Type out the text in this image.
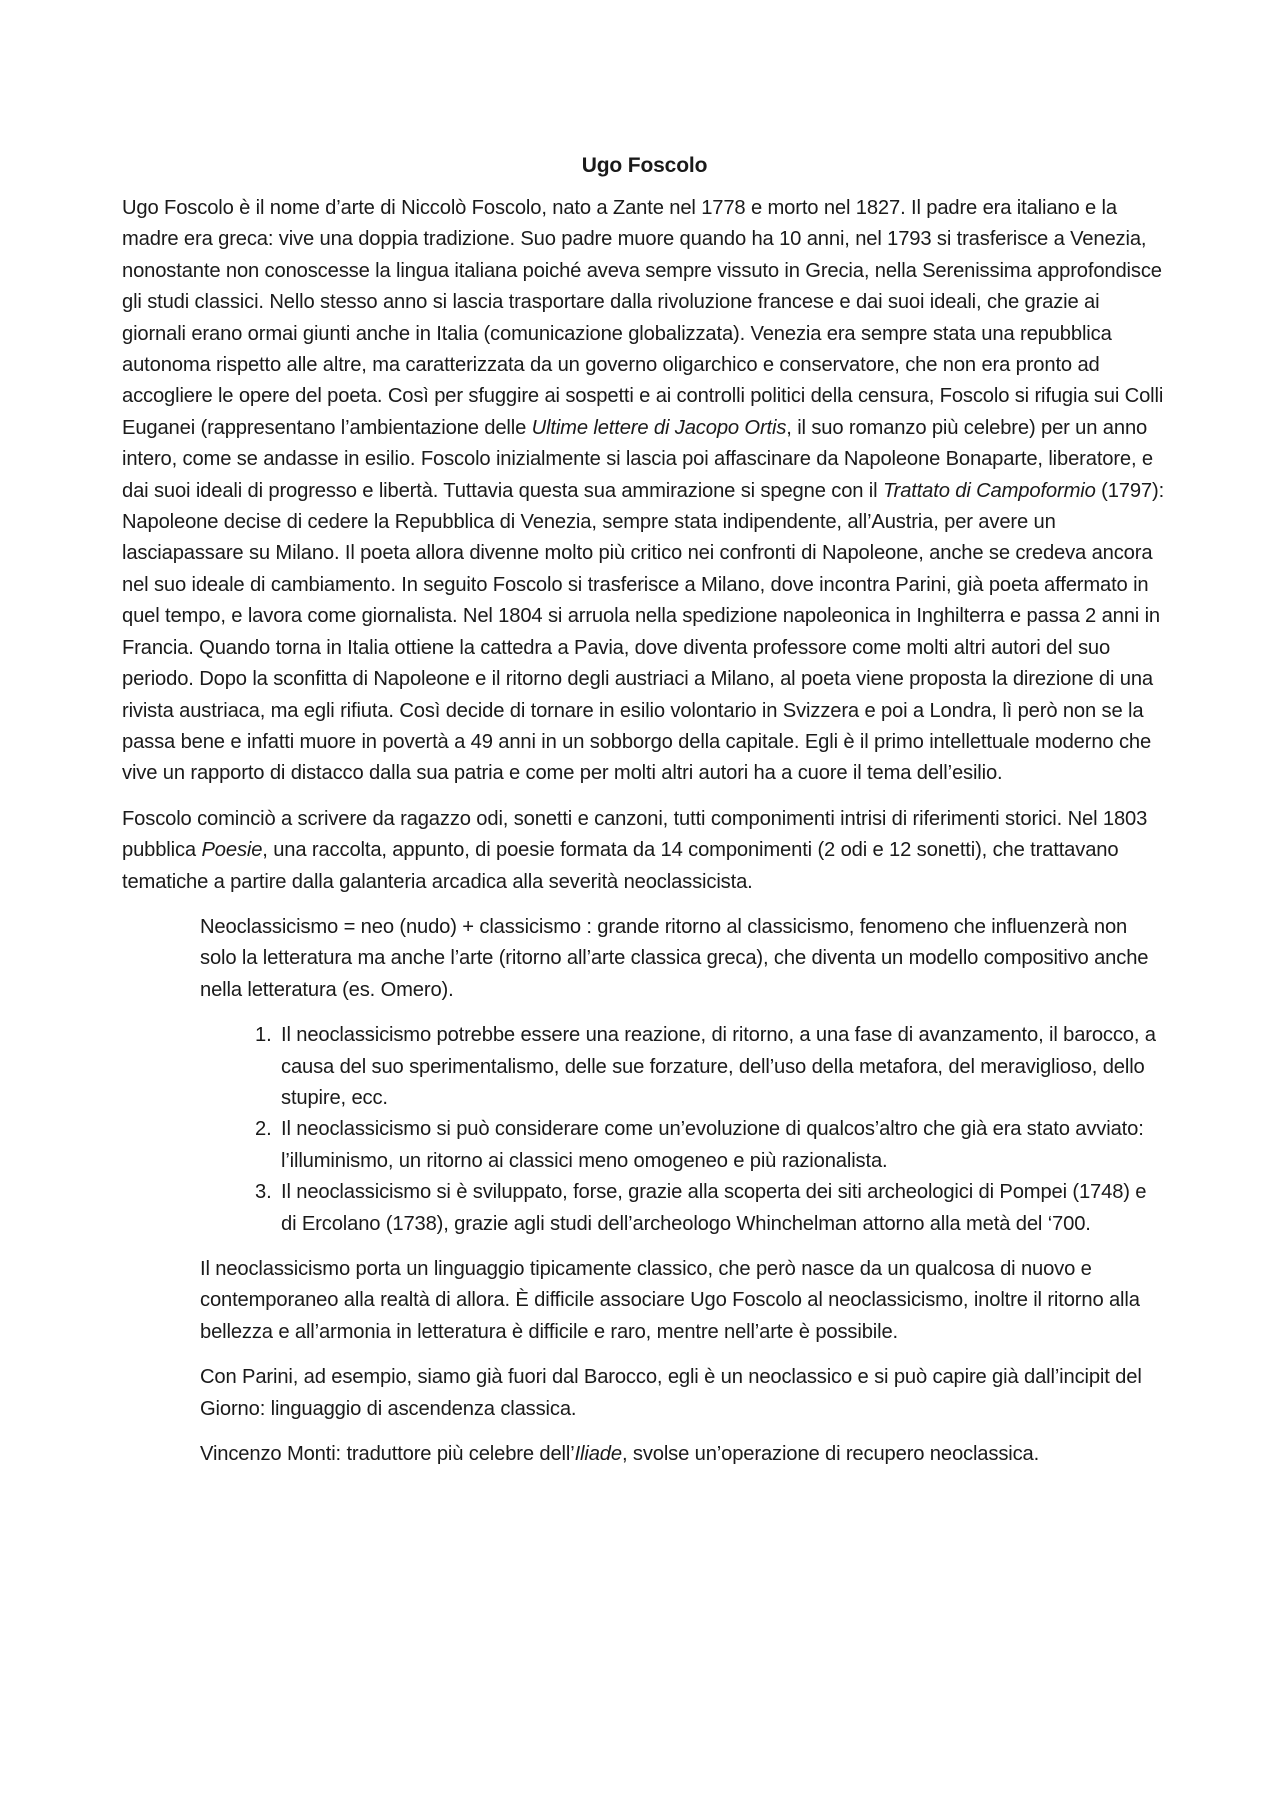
Ugo Foscolo

Ugo Foscolo è il nome d’arte di Niccolò Foscolo, nato a Zante nel 1778 e morto nel 1827. Il padre era italiano e la madre era greca: vive una doppia tradizione. Suo padre muore quando ha 10 anni, nel 1793 si trasferisce a Venezia, nonostante non conoscesse la lingua italiana poiché aveva sempre vissuto in Grecia, nella Serenissima approfondisce gli studi classici. Nello stesso anno si lascia trasportare dalla rivoluzione francese e dai suoi ideali, che grazie ai giornali erano ormai giunti anche in Italia (comunicazione globalizzata). Venezia era sempre stata una repubblica autonoma rispetto alle altre, ma caratterizzata da un governo oligarchico e conservatore, che non era pronto ad accogliere le opere del poeta. Così per sfuggire ai sospetti e ai controlli politici della censura, Foscolo si rifugia sui Colli Euganei (rappresentano l’ambientazione delle Ultime lettere di Jacopo Ortis, il suo romanzo più celebre) per un anno intero, come se andasse in esilio. Foscolo inizialmente si lascia poi affascinare da Napoleone Bonaparte, liberatore, e dai suoi ideali di progresso e libertà. Tuttavia questa sua ammirazione si spegne con il Trattato di Campoformio (1797): Napoleone decise di cedere la Repubblica di Venezia, sempre stata indipendente, all’Austria, per avere un lasciapassare su Milano. Il poeta allora divenne molto più critico nei confronti di Napoleone, anche se credeva ancora nel suo ideale di cambiamento. In seguito Foscolo si trasferisce a Milano, dove incontra Parini, già poeta affermato in quel tempo, e lavora come giornalista. Nel 1804 si arruola nella spedizione napoleonica in Inghilterra e passa 2 anni in Francia. Quando torna in Italia ottiene la cattedra a Pavia, dove diventa professore come molti altri autori del suo periodo. Dopo la sconfitta di Napoleone e il ritorno degli austriaci a Milano, al poeta viene proposta la direzione di una rivista austriaca, ma egli rifiuta. Così decide di tornare in esilio volontario in Svizzera e poi a Londra, lì però non se la passa bene e infatti muore in povertà a 49 anni in un sobborgo della capitale. Egli è il primo intellettuale moderno che vive un rapporto di distacco dalla sua patria e come per molti altri autori ha a cuore il tema dell’esilio.

Foscolo cominciò a scrivere da ragazzo odi, sonetti e canzoni, tutti componimenti intrisi di riferimenti storici. Nel 1803 pubblica Poesie, una raccolta, appunto, di poesie formata da 14 componimenti (2 odi e 12 sonetti), che trattavano tematiche a partire dalla galanteria arcadica alla severità neoclassicista.

Neoclassicismo = neo (nudo) + classicismo : grande ritorno al classicismo, fenomeno che influenzerà non solo la letteratura ma anche l’arte (ritorno all’arte classica greca), che diventa un modello compositivo anche nella letteratura (es. Omero).

1. Il neoclassicismo potrebbe essere una reazione, di ritorno, a una fase di avanzamento, il barocco, a causa del suo sperimentalismo, delle sue forzature, dell’uso della metafora, del meraviglioso, dello stupire, ecc.
2. Il neoclassicismo si può considerare come un’evoluzione di qualcos’altro che già era stato avviato: l’illuminismo, un ritorno ai classici meno omogeneo e più razionalista.
3. Il neoclassicismo si è sviluppato, forse, grazie alla scoperta dei siti archeologici di Pompei (1748) e di Ercolano (1738), grazie agli studi dell’archeologo Whinchelman attorno alla metà del ‘700.

Il neoclassicismo porta un linguaggio tipicamente classico, che però nasce da un qualcosa di nuovo e contemporaneo alla realtà di allora. È difficile associare Ugo Foscolo al neoclassicismo, inoltre il ritorno alla bellezza e all’armonia in letteratura è difficile e raro, mentre nell’arte è possibile.

Con Parini, ad esempio, siamo già fuori dal Barocco, egli è un neoclassico e si può capire già dall’incipit del Giorno: linguaggio di ascendenza classica.

Vincenzo Monti: traduttore più celebre dell’Iliade, svolse un’operazione di recupero neoclassica.
